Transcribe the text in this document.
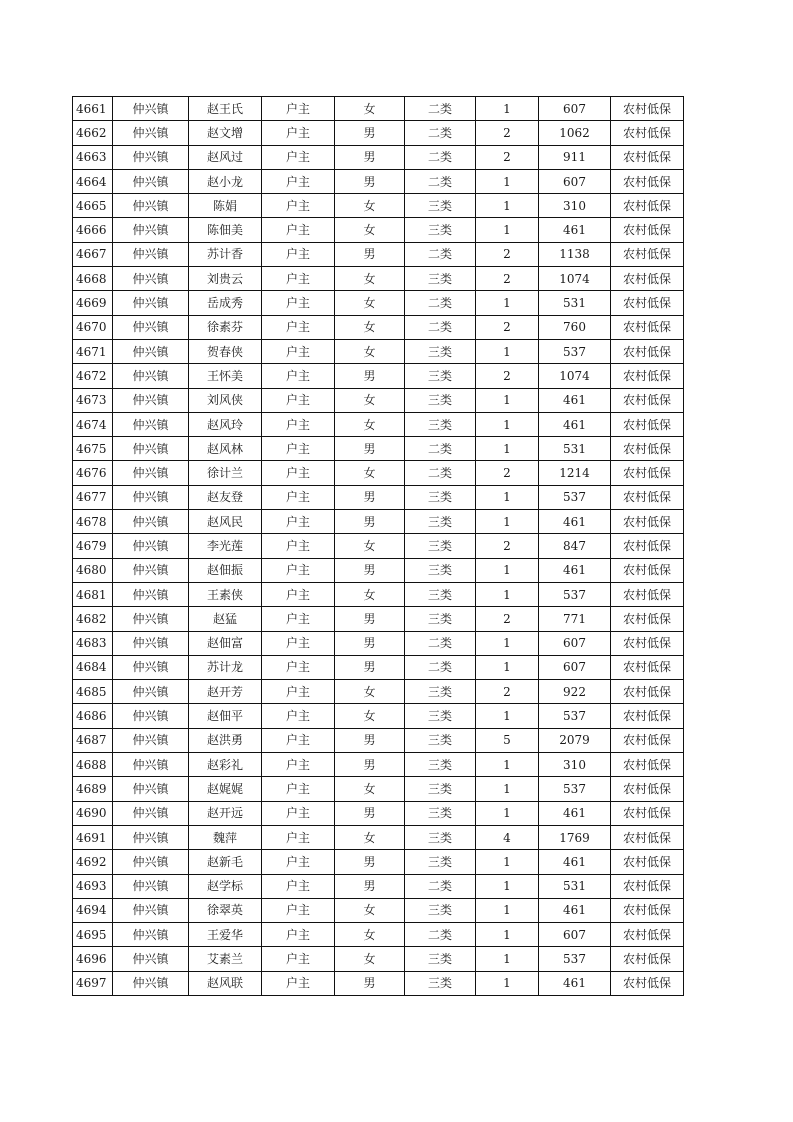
4661	仲兴镇	赵王氏	户主	女	二类	1	607	农村低保
4662	仲兴镇	赵文增	户主	男	二类	2	1062	农村低保
4663	仲兴镇	赵风过	户主	男	二类	2	911	农村低保
4664	仲兴镇	赵小龙	户主	男	二类	1	607	农村低保
4665	仲兴镇	陈娟	户主	女	三类	1	310	农村低保
4666	仲兴镇	陈佃美	户主	女	三类	1	461	农村低保
4667	仲兴镇	苏计香	户主	男	二类	2	1138	农村低保
4668	仲兴镇	刘贵云	户主	女	三类	2	1074	农村低保
4669	仲兴镇	岳成秀	户主	女	二类	1	531	农村低保
4670	仲兴镇	徐素芬	户主	女	二类	2	760	农村低保
4671	仲兴镇	贺春侠	户主	女	三类	1	537	农村低保
4672	仲兴镇	王怀美	户主	男	三类	2	1074	农村低保
4673	仲兴镇	刘风侠	户主	女	三类	1	461	农村低保
4674	仲兴镇	赵风玲	户主	女	三类	1	461	农村低保
4675	仲兴镇	赵风林	户主	男	二类	1	531	农村低保
4676	仲兴镇	徐计兰	户主	女	二类	2	1214	农村低保
4677	仲兴镇	赵友登	户主	男	三类	1	537	农村低保
4678	仲兴镇	赵风民	户主	男	三类	1	461	农村低保
4679	仲兴镇	李光莲	户主	女	三类	2	847	农村低保
4680	仲兴镇	赵佃振	户主	男	三类	1	461	农村低保
4681	仲兴镇	王素侠	户主	女	三类	1	537	农村低保
4682	仲兴镇	赵猛	户主	男	三类	2	771	农村低保
4683	仲兴镇	赵佃富	户主	男	二类	1	607	农村低保
4684	仲兴镇	苏计龙	户主	男	二类	1	607	农村低保
4685	仲兴镇	赵开芳	户主	女	三类	2	922	农村低保
4686	仲兴镇	赵佃平	户主	女	三类	1	537	农村低保
4687	仲兴镇	赵洪勇	户主	男	三类	5	2079	农村低保
4688	仲兴镇	赵彩礼	户主	男	三类	1	310	农村低保
4689	仲兴镇	赵娓娓	户主	女	三类	1	537	农村低保
4690	仲兴镇	赵开远	户主	男	三类	1	461	农村低保
4691	仲兴镇	魏萍	户主	女	三类	4	1769	农村低保
4692	仲兴镇	赵新毛	户主	男	三类	1	461	农村低保
4693	仲兴镇	赵学标	户主	男	二类	1	531	农村低保
4694	仲兴镇	徐翠英	户主	女	三类	1	461	农村低保
4695	仲兴镇	王爱华	户主	女	二类	1	607	农村低保
4696	仲兴镇	艾素兰	户主	女	三类	1	537	农村低保
4697	仲兴镇	赵风联	户主	男	三类	1	461	农村低保
